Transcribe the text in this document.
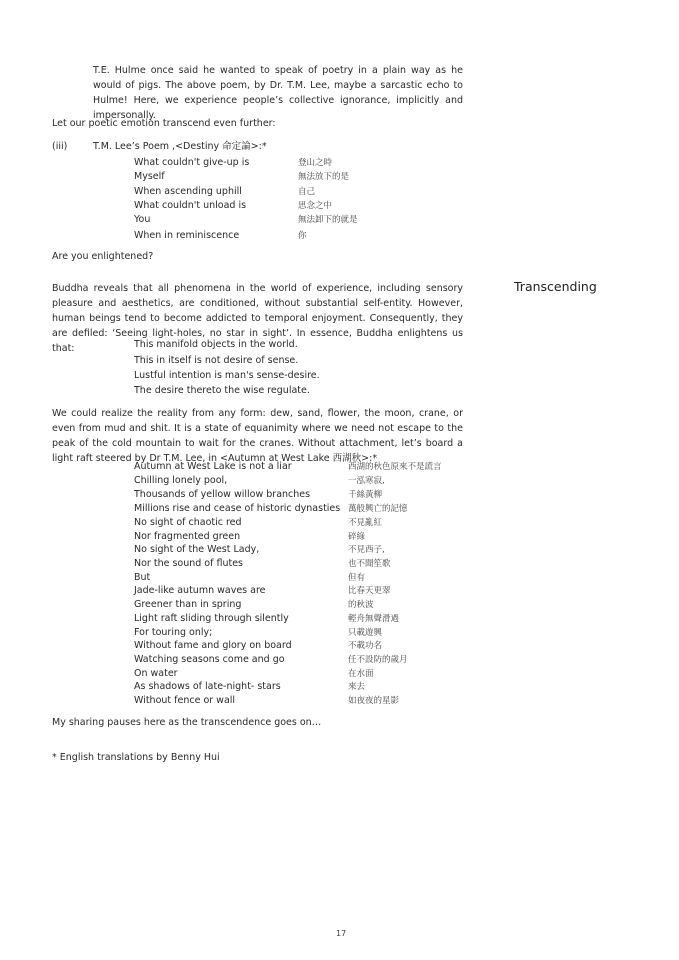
T.E. Hulme once said he wanted to speak of poetry in a plain way as he would of pigs. The above poem, by Dr. T.M. Lee, maybe a sarcastic echo to Hulme! Here, we experience people’s collective ignorance, implicitly and impersonally.

Let our poetic emotion transcend even further:

(iii)	T.M. Lee’s Poem ,<Destiny 命定論>:*
What couldn't give-up is	登山之時
Myself	無法放下的是
When ascending uphill	自己
What couldn't unload is	思念之中
You	無法卸下的就是
When in reminiscence	你

Are you enlightened?

Transcending

Buddha reveals that all phenomena in the world of experience, including sensory pleasure and aesthetics, are conditioned, without substantial self-entity. However, human beings tend to become addicted to temporal enjoyment. Consequently, they are defiled: ‘Seeing light-holes, no star in sight’. In essence, Buddha enlightens us that:	This manifold objects in the world.
This in itself is not desire of sense.
Lustful intention is man's sense-desire.
The desire thereto the wise regulate.

We could realize the reality from any form: dew, sand, flower, the moon, crane, or even from mud and shit. It is a state of equanimity where we need not escape to the peak of the cold mountain to wait for the cranes. Without attachment, let’s board a light raft steered by Dr T.M. Lee, in <Autumn at West Lake 西湖秋>:*

Autumn at West Lake is not a liar	西湖的秋色原來不是謊言
Chilling lonely pool,	一泓寒寂,
Thousands of yellow willow branches	千絲黃柳
Millions rise and cease of historic dynasties 萬般興亡的記憶
No sight of chaotic red	不見亂紅
Nor fragmented green	碎綠
No sight of the West Lady,	不見西子,
Nor the sound of flutes	也不聞笙歌
But	但有
Jade-like autumn waves are	比春天更翠
Greener than in spring	的秋波
Light raft sliding through silently	輕舟無聲滑過
For touring only;	只載遊興
Without fame and glory on board	不載功名
Watching seasons come and go	任不設防的歲月
On water	在水面
As shadows of late-night- stars	來去
Without fence or wall	如夜夜的星影

My sharing pauses here as the transcendence goes on…

* English translations by Benny Hui

17
